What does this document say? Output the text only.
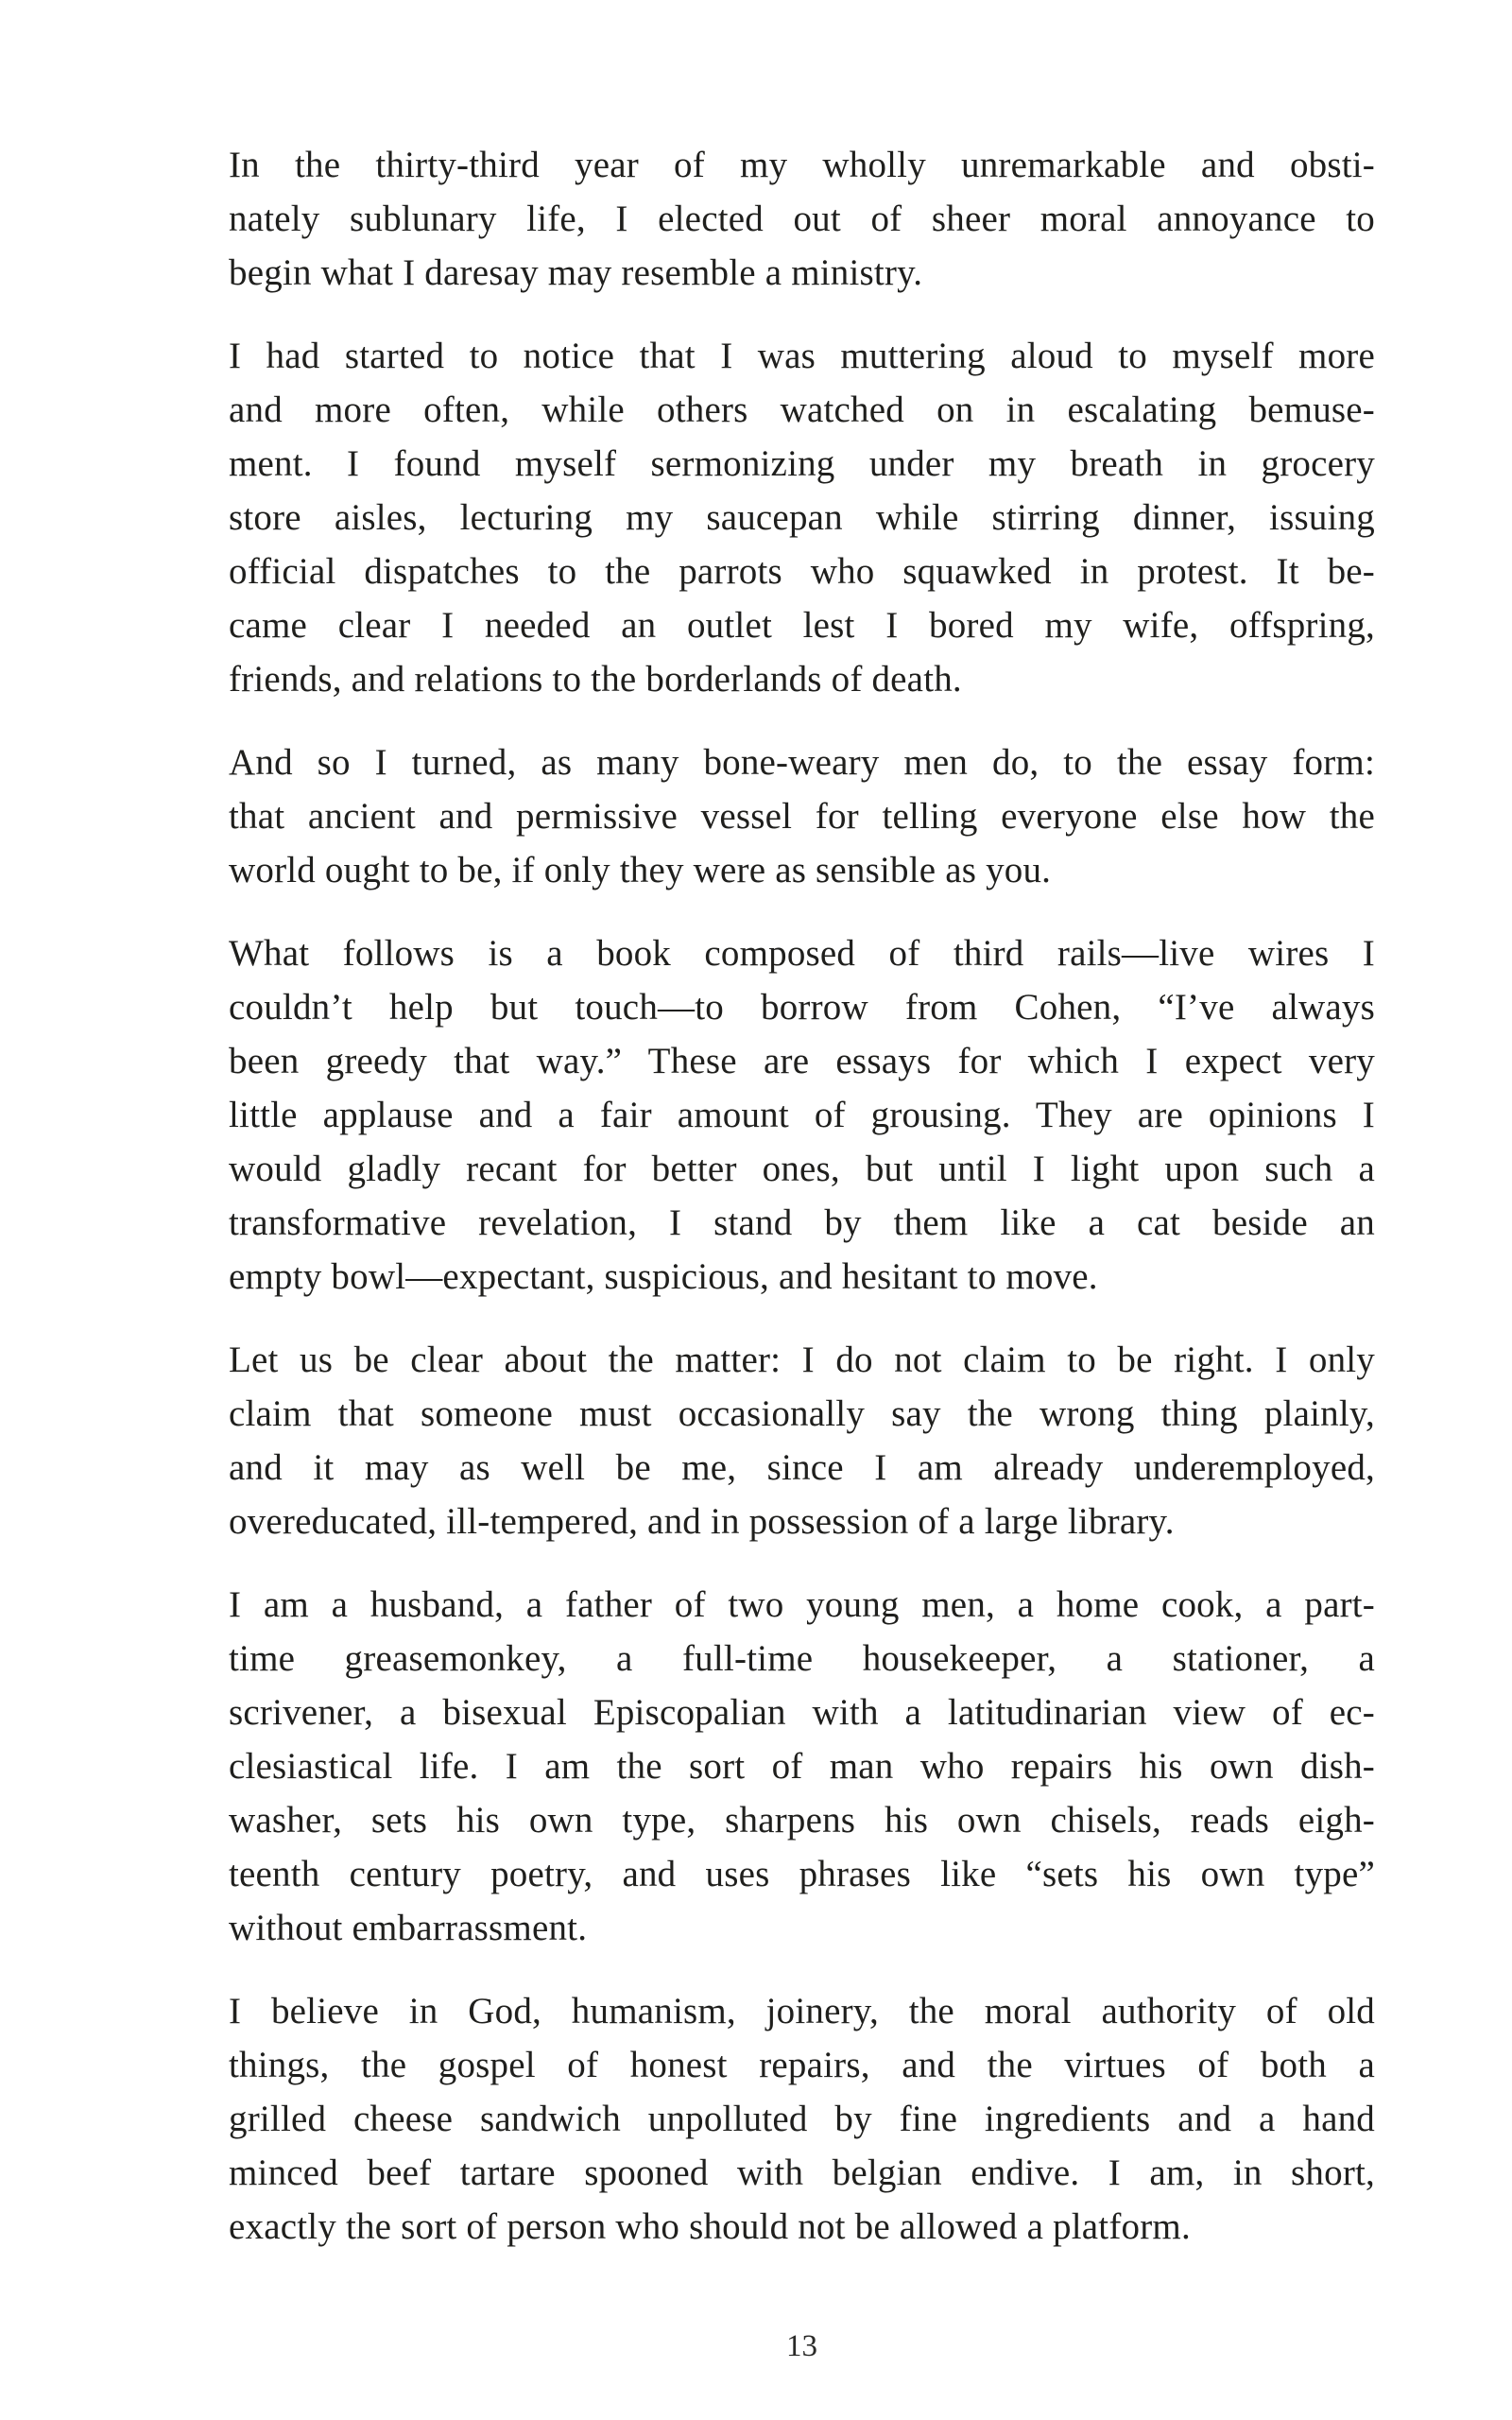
In the thirty-third year of my wholly unremarkable and obsti-
nately sublunary life, I elected out of sheer moral annoyance to
begin what I daresay may resemble a ministry.

I had started to notice that I was muttering aloud to myself more
and more often, while others watched on in escalating bemuse-
ment. I found myself sermonizing under my breath in grocery
store aisles, lecturing my saucepan while stirring dinner, issuing
official dispatches to the parrots who squawked in protest. It be-
came clear I needed an outlet lest I bored my wife, offspring,
friends, and relations to the borderlands of death.

And so I turned, as many bone-weary men do, to the essay form:
that ancient and permissive vessel for telling everyone else how the
world ought to be, if only they were as sensible as you.

What follows is a book composed of third rails—live wires I
couldn’t help but touch—to borrow from Cohen, “I’ve always
been greedy that way.” These are essays for which I expect very
little applause and a fair amount of grousing. They are opinions I
would gladly recant for better ones, but until I light upon such a
transformative revelation, I stand by them like a cat beside an
empty bowl—expectant, suspicious, and hesitant to move.

Let us be clear about the matter: I do not claim to be right. I only
claim that someone must occasionally say the wrong thing plainly,
and it may as well be me, since I am already underemployed,
overeducated, ill-tempered, and in possession of a large library.

I am a husband, a father of two young men, a home cook, a part-
time greasemonkey, a full-time housekeeper, a stationer, a
scrivener, a bisexual Episcopalian with a latitudinarian view of ec-
clesiastical life. I am the sort of man who repairs his own dish-
washer, sets his own type, sharpens his own chisels, reads eigh-
teenth century poetry, and uses phrases like “sets his own type”
without embarrassment.

I believe in God, humanism, joinery, the moral authority of old
things, the gospel of honest repairs, and the virtues of both a
grilled cheese sandwich unpolluted by fine ingredients and a hand
minced beef tartare spooned with belgian endive. I am, in short,
exactly the sort of person who should not be allowed a platform.

13
